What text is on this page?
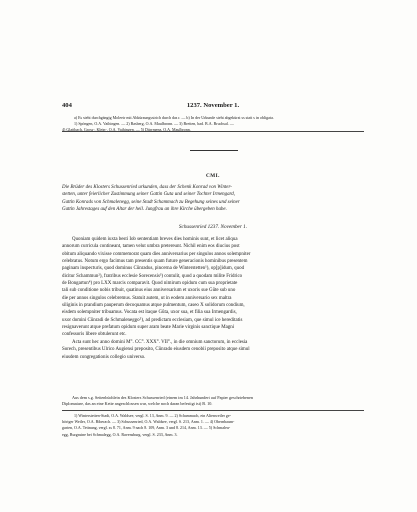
404	1237. November 1.

a) Es steht durchgängig Moleeir mit Abkürzungsstrich durch das r. — b) In der Urkunde steht abgekürzt ss statt s in obligata.

1) Spöngen, O.A. Vaihingen. — 2) Basberg, O.A. Maulbronn. — 3) Bretten, bad. B.A. Bruchsal. —

4) Glattbach, Gross-, Klein-, O.A. Vaihingen. — 5) Dürrmenz, O.A. Maulbronn.

CMI.

Die Brüder des Klosters Schussenried urkunden, dass der Schenk Konrad von Winter-

stetten, unter feierlicher Zustimmung seiner Gattin Guta und seiner Tochter Irmengard,

Gattin Konrads von Schmalenegg, seine Stadt Schammach zu Begehung seines und seiner

Gattin Jahrestages auf den Altar der heil. Jungfrau an ihre Kirche übergeben habe.

Schussenried 1237. November 1.

Quoniam quidem iuxta besti Iob sententiam breves dies hominis sunt, et licet aliqua

annorum curricula contineant, tamen velut umbra pretereunt. Nichil enim eos diucius post

obitum aliquando vixisse commemorat quam dies anniversarius per singulos annos solempniter

celebratus. Notum ergo facimus tam presentis quam future generacionis hominibus presentem

paginam inspecturis, quod dominus Cûnradus, pincerna de Winterstetten¹), op[p]idum, quod

dicitur Schammun²), fratribus ecclesie Sorecensis³) contulit, quod a quodam milite Fridrico

de Bongartun⁴) pro LXX marcis comparavit. Quod nimirum opidum cum sua proprietate

tali sub conditione nobis tribuit, quatinus eius anniversarium et uxoris sue Gûte sub uno

die per annos singulos celebremus. Statuit autem, ut in eodem anniversario sex maltra

siliginis in prandium pauperum decoquamus atque pulmentum, caseo X solidorum condium,

eisdem solempniter tribuamus. Vocata est itaque Gûta, uxor sua, et filia sua Irmengardis,

uxor domini Cûnradi de Schmaleneggo⁵), ad predictam ecclesiam, que simul ice hereditatis

resignaverunt atque prefatum opidum super aram beate Marie virginis sanctique Magni

confessoris libere obtulerunt etc.

Acta sunt hec anno domini M°. CC°. XXX°. VII°., in die omnium sanctorum, in ecclesia

Sorech, presentibus Ulrico Augiensi preposito, Cûnrado eiusdem cenobii preposito atque simul

eiusdem congregationis collegio universo.

Aus dem s.g. Seitenbüchlein des Klosters Schussenried (einem im 14. Jahrhundert auf Papier geschriebenen

Diplomatare, das an eine Kette angeschlossen war, welche noch daran befestigt ist) B. 10.

1) Winterstetten-Stadt, O.A. Waldsee, vergl. S. 13, Anm. 9. — 2) Schammach, ein Altenweiler ge-

höriger Weiler, O.A. Biberach. — 3) Schussenried, O.A. Waldsee, vergl. S. 213, Anm. 1. — 4) Obernbaum-

garten, O.A. Tettnang, vergl. ss 8. 71, Anm. 9 nach 8. 109, Anm. 3 und 8. 214, Anm. 13. — 5) Schmaleu-

egg, Burgruine bei Schmalegg, O.A. Ravensburg, vergl. S. 233, Anm. 3.
